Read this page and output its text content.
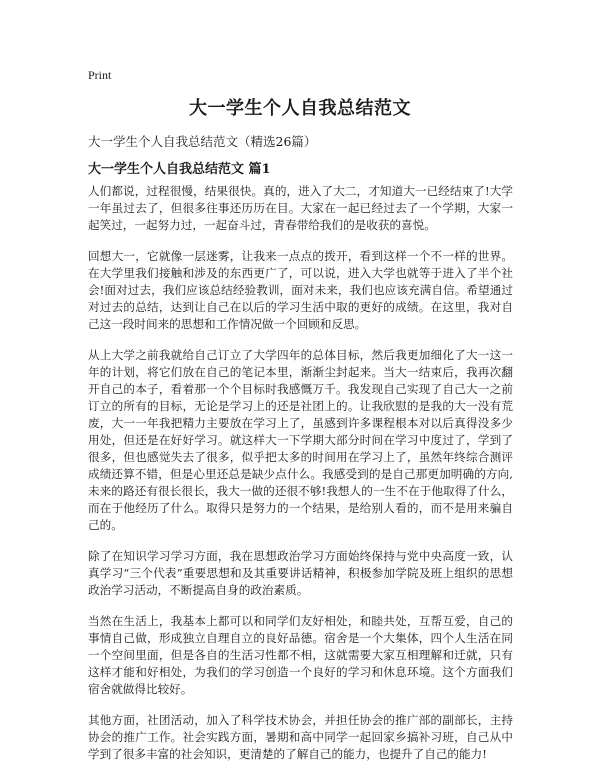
Print
大一学生个人自我总结范文
大一学生个人自我总结范文（精选26篇）
大一学生个人自我总结范文 篇1

人们都说，过程很慢，结果很快。真的，进入了大二，才知道大一已经结束了!大学一年虽过去了，但很多往事还历历在目。大家在一起已经过去了一个学期，大家一起笑过，一起努力过，一起奋斗过，青春带给我们的是收获的喜悦。

回想大一，它就像一层迷雾，让我来一点点的拨开，看到这样一个不一样的世界。在大学里我们接触和涉及的东西更广了，可以说，进入大学也就等于进入了半个社会!面对过去，我们应该总结经验教训，面对未来，我们也应该充满自信。希望通过对过去的总结，达到让自己在以后的学习生活中取的更好的成绩。在这里，我对自己这一段时间来的思想和工作情况做一个回顾和反思。

从上大学之前我就给自己订立了大学四年的总体目标，然后我更加细化了大一这一年的计划，将它们放在自己的笔记本里，渐渐尘封起来。当大一结束后，我再次翻开自己的本子，看着那一个个目标时我感慨万千。我发现自己实现了自己大一之前订立的所有的目标，无论是学习上的还是社团上的。让我欣慰的是我的大一没有荒废，大一一年我把精力主要放在学习上了，虽感到许多课程根本对以后真得没多少用处，但还是在好好学习。就这样大一下学期大部分时间在学习中度过了，学到了很多，但也感觉失去了很多，似乎把太多的时间用在学习上了，虽然年终综合测评成绩还算不错，但是心里还总是缺少点什么。我感受到的是自己那更加明确的方向,未来的路还有很长很长，我大一做的还很不够!我想人的一生不在于他取得了什么，而在于他经历了什么。取得只是努力的一个结果，是给别人看的，而不是用来骗自己的。

除了在知识学习学习方面，我在思想政治学习方面始终保持与党中央高度一致，认真学习“三个代表”重要思想和及其重要讲话精神，积极参加学院及班上组织的思想政治学习活动，不断提高自身的政治素质。

当然在生活上，我基本上都可以和同学们友好相处，和睦共处，互帮互爱，自己的事情自己做，形成独立自理自立的良好品德。宿舍是一个大集体，四个人生活在同一个空间里面，但是各自的生活习性都不相，这就需要大家互相理解和迁就，只有这样才能和好相处，为我们的学习创造一个良好的学习和休息环境。这个方面我们宿舍就做得比较好。

其他方面，社团活动，加入了科学技术协会，并担任协会的推广部的副部长，主持协会的推广工作。社会实践方面，暑期和高中同学一起回家乡搞补习班，自己从中学到了很多丰富的社会知识，更清楚的了解自己的能力，也提升了自己的能力!
